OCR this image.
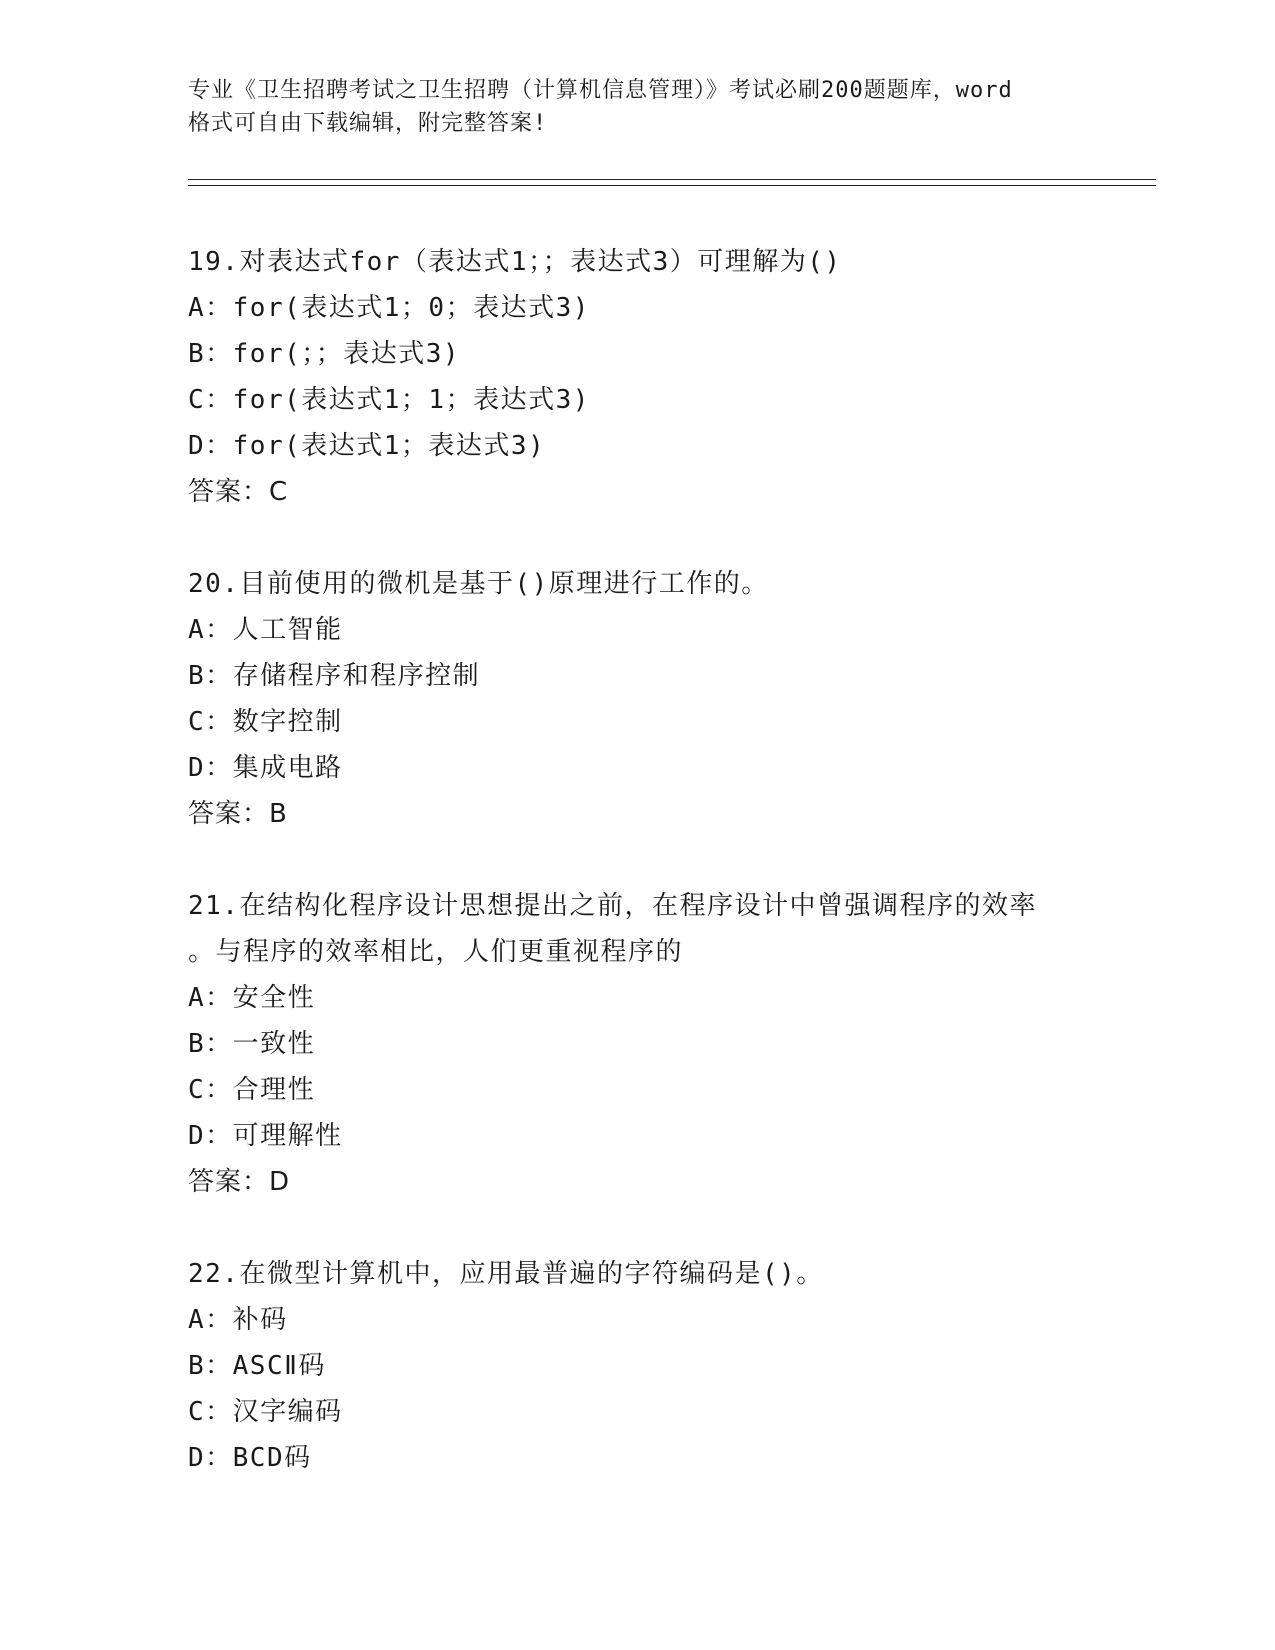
专业《卫生招聘考试之卫生招聘（计算机信息管理）》考试必刷200题题库，word
格式可自由下载编辑，附完整答案!
19.对表达式for（表达式1；；表达式3）可理解为()
A：for(表达式1；0；表达式3)
B：for(；；表达式3)
C：for(表达式1；1；表达式3)
D：for(表达式1；表达式3)
答案：C
20.目前使用的微机是基于()原理进行工作的。
A：人工智能
B：存储程序和程序控制
C：数字控制
D：集成电路
答案：B
21.在结构化程序设计思想提出之前，在程序设计中曾强调程序的效率
。与程序的效率相比，人们更重视程序的
A：安全性
B：一致性
C：合理性
D：可理解性
答案：D
22.在微型计算机中，应用最普遍的字符编码是()。
A：补码
B：ASCⅡ码
C：汉字编码
D：BCD码
